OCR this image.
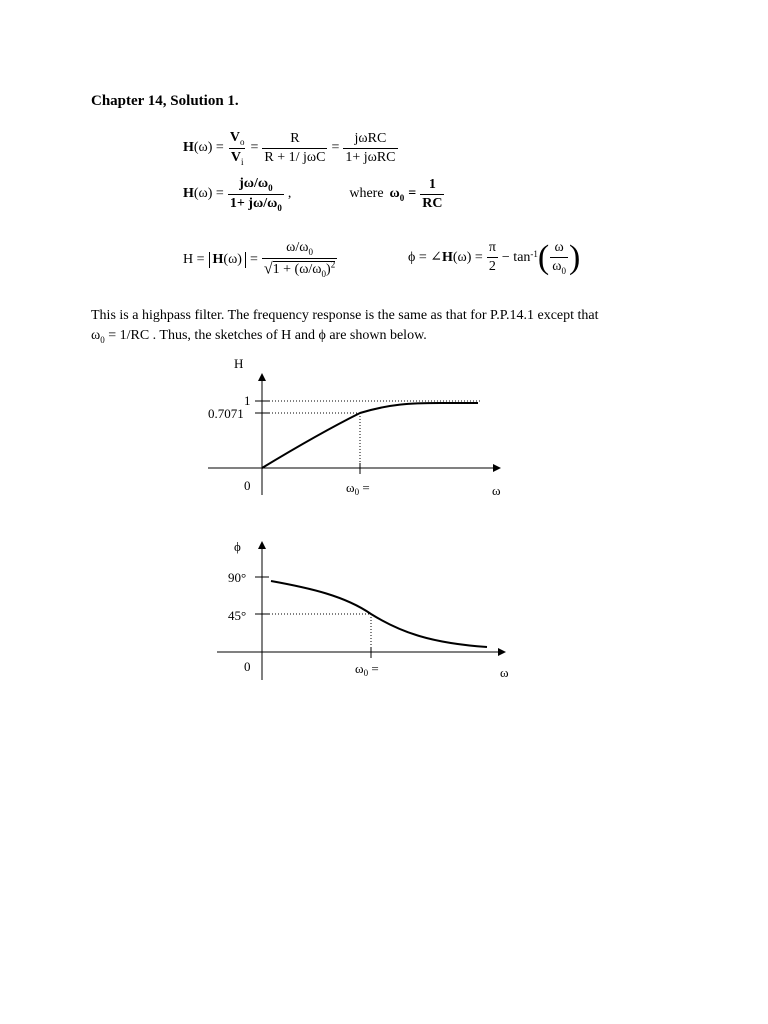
Chapter 14, Solution 1.
H $(\omega) = \frac{V_o}{V_i} = \frac{R}{\text{R + 1/ jωC}} = \frac{\text{jωRC}}{\text{1+ jωRC}}$
H $(\omega) = \frac{j\omega/\omega_0}{1+ j\omega/\omega_0}$ ,	where $\omega_0 = \frac{1}{RC}$
$H = H(\omega) = \frac{\omega/\omega_0}{√1 + (\omega/\omega_0)^2}$	ϕ = ∠ H $(\omega) = \frac{\pi}{2} - \tan^{-1}$ ( $\frac{\omega}{\omega_0}$ )
This is a highpass filter. The frequency response is the same as that for P.P.14.1 except that
$\omega_0 = 1/RC$ . Thus, the sketches of H and ϕ are shown below.
H
1
0.7071
0	$\omega_0$ =	ω
ϕ
90°
45°
0	$\omega_0$ =	ω
